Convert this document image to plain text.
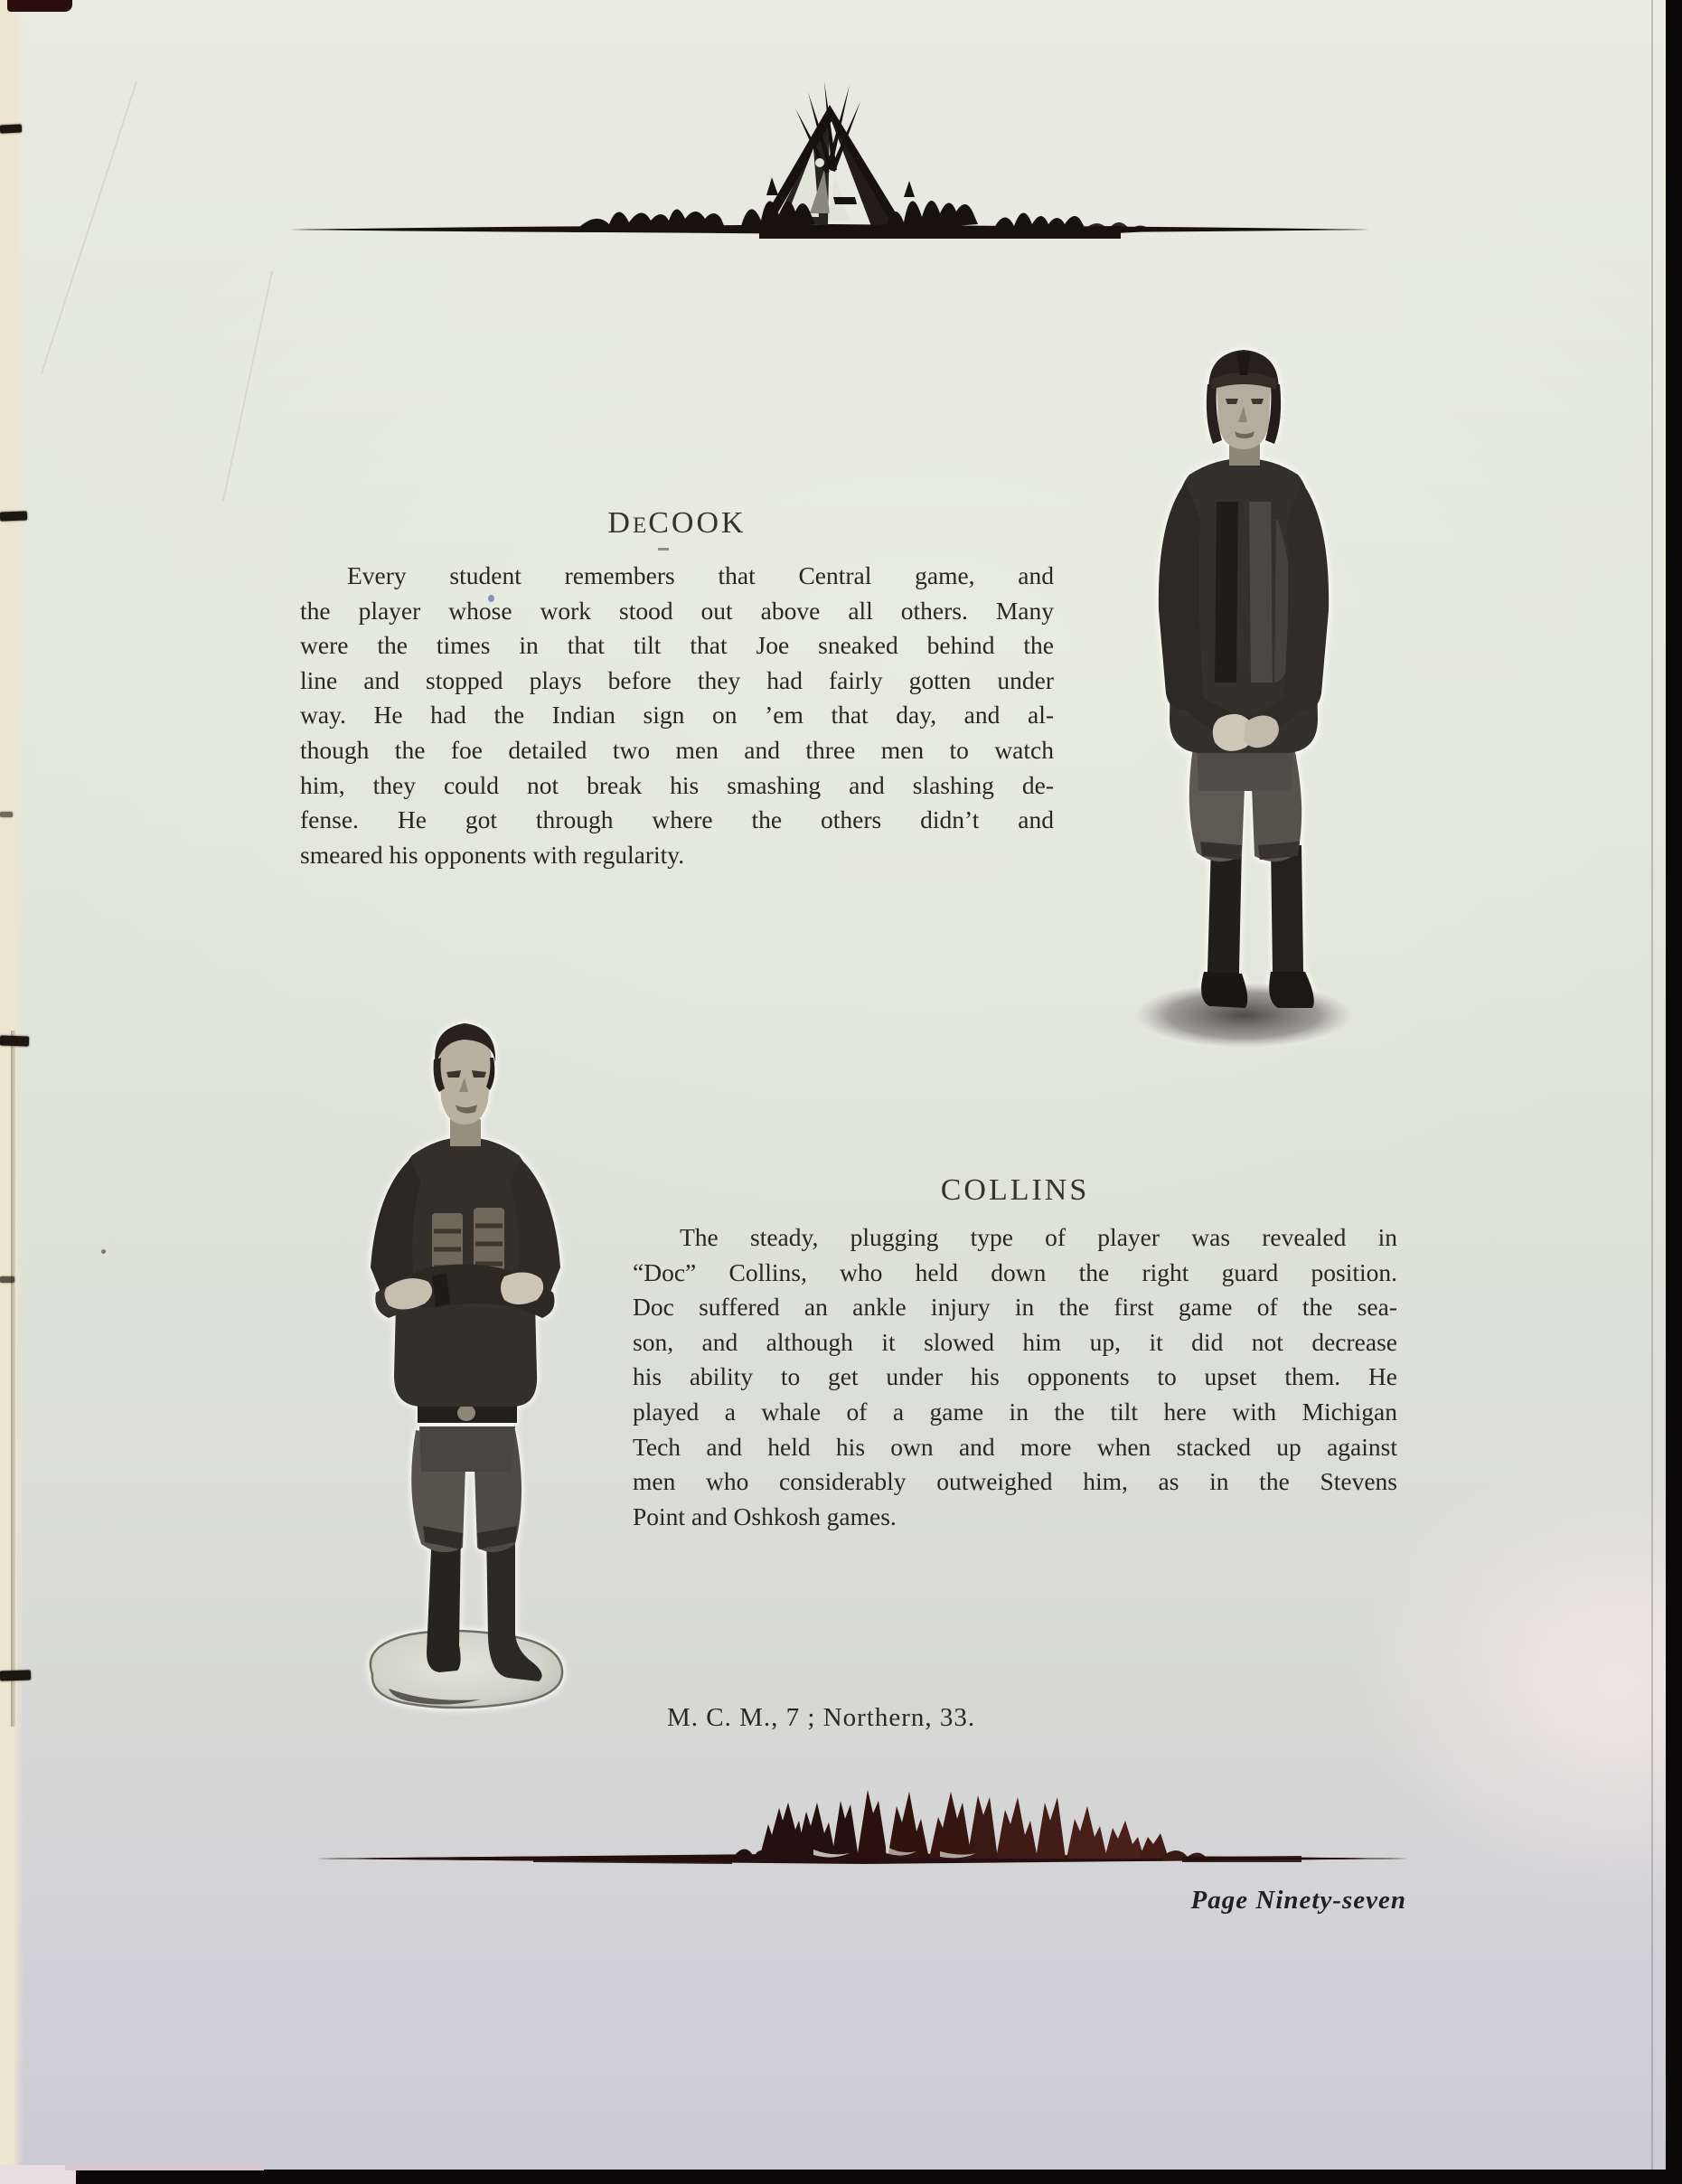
DECOOK
Every student remembers that Central game, and
the player whose work stood out above all others. Many
were the times in that tilt that Joe sneaked behind the
line and stopped plays before they had fairly gotten under
way. He had the Indian sign on ’em that day, and al-
though the foe detailed two men and three men to watch
him, they could not break his smashing and slashing de-
fense. He got through where the others didn’t and
smeared his opponents with regularity.
COLLINS
The steady, plugging type of player was revealed in
“Doc” Collins, who held down the right guard position.
Doc suffered an ankle injury in the first game of the sea-
son, and although it slowed him up, it did not decrease
his ability to get under his opponents to upset them. He
played a whale of a game in the tilt here with Michigan
Tech and held his own and more when stacked up against
men who considerably outweighed him, as in the Stevens
Point and Oshkosh games.
M. C. M., 7 ; Northern, 33.
Page Ninety-seven
